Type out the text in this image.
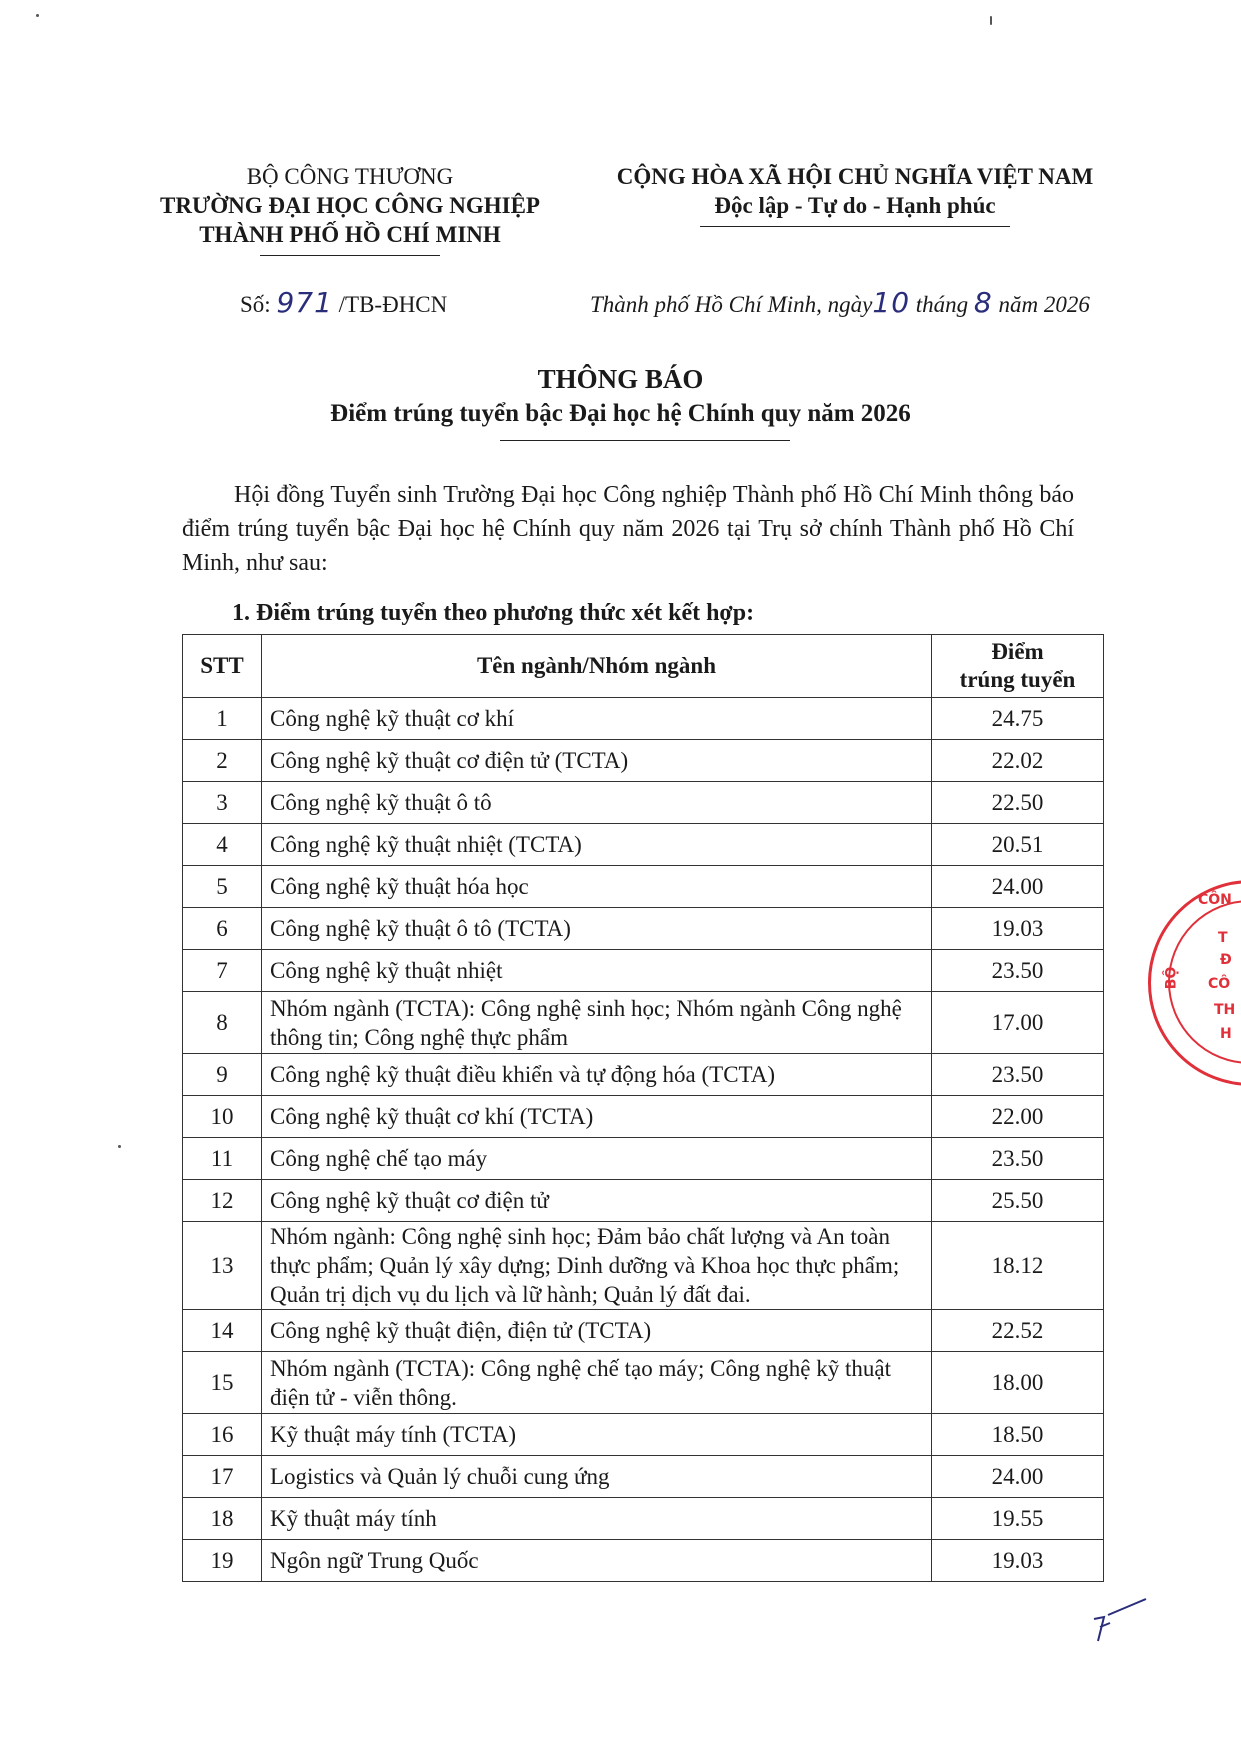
BỘ CÔNG THƯƠNG
TRƯỜNG ĐẠI HỌC CÔNG NGHIỆP
THÀNH PHỐ HỒ CHÍ MINH
CỘNG HÒA XÃ HỘI CHỦ NGHĨA VIỆT NAM
Độc lập - Tự do - Hạnh phúc
Số: 971 /TB-ĐHCN	Thành phố Hồ Chí Minh, ngày10 tháng 8 năm 2026
THÔNG BÁO
Điểm trúng tuyển bậc Đại học hệ Chính quy năm 2026
Hội đồng Tuyển sinh Trường Đại học Công nghiệp Thành phố Hồ Chí Minh thông báo điểm trúng tuyển bậc Đại học hệ Chính quy năm 2026 tại Trụ sở chính Thành phố Hồ Chí Minh, như sau:
1. Điểm trúng tuyển theo phương thức xét kết hợp:
STT	Tên ngành/Nhóm ngành	Điểm
trúng tuyển

1	Công nghệ kỹ thuật cơ khí	24.75
2	Công nghệ kỹ thuật cơ điện tử (TCTA)	22.02
3	Công nghệ kỹ thuật ô tô	22.50
4	Công nghệ kỹ thuật nhiệt (TCTA)	20.51
5	Công nghệ kỹ thuật hóa học	24.00
6	Công nghệ kỹ thuật ô tô (TCTA)	19.03
7	Công nghệ kỹ thuật nhiệt	23.50
8	Nhóm ngành (TCTA): Công nghệ sinh học; Nhóm ngành Công nghệ thông tin; Công nghệ thực phẩm	17.00
9	Công nghệ kỹ thuật điều khiển và tự động hóa (TCTA)	23.50
10	Công nghệ kỹ thuật cơ khí (TCTA)	22.00
11	Công nghệ chế tạo máy	23.50
12	Công nghệ kỹ thuật cơ điện tử	25.50
13	Nhóm ngành: Công nghệ sinh học; Đảm bảo chất lượng và An toàn thực phẩm; Quản lý xây dựng; Dinh dưỡng và Khoa học thực phẩm; Quản trị dịch vụ du lịch và lữ hành; Quản lý đất đai.	18.12
14	Công nghệ kỹ thuật điện, điện tử (TCTA)	22.52
15	Nhóm ngành (TCTA): Công nghệ chế tạo máy; Công nghệ kỹ thuật điện tử - viễn thông.	18.00
16	Kỹ thuật máy tính (TCTA)	18.50
17	Logistics và Quản lý chuỗi cung ứng	24.00
18	Kỹ thuật máy tính	19.55
19	Ngôn ngữ Trung Quốc	19.03
CÔN
T
Đ
CÔ
TH
H
BỘ
